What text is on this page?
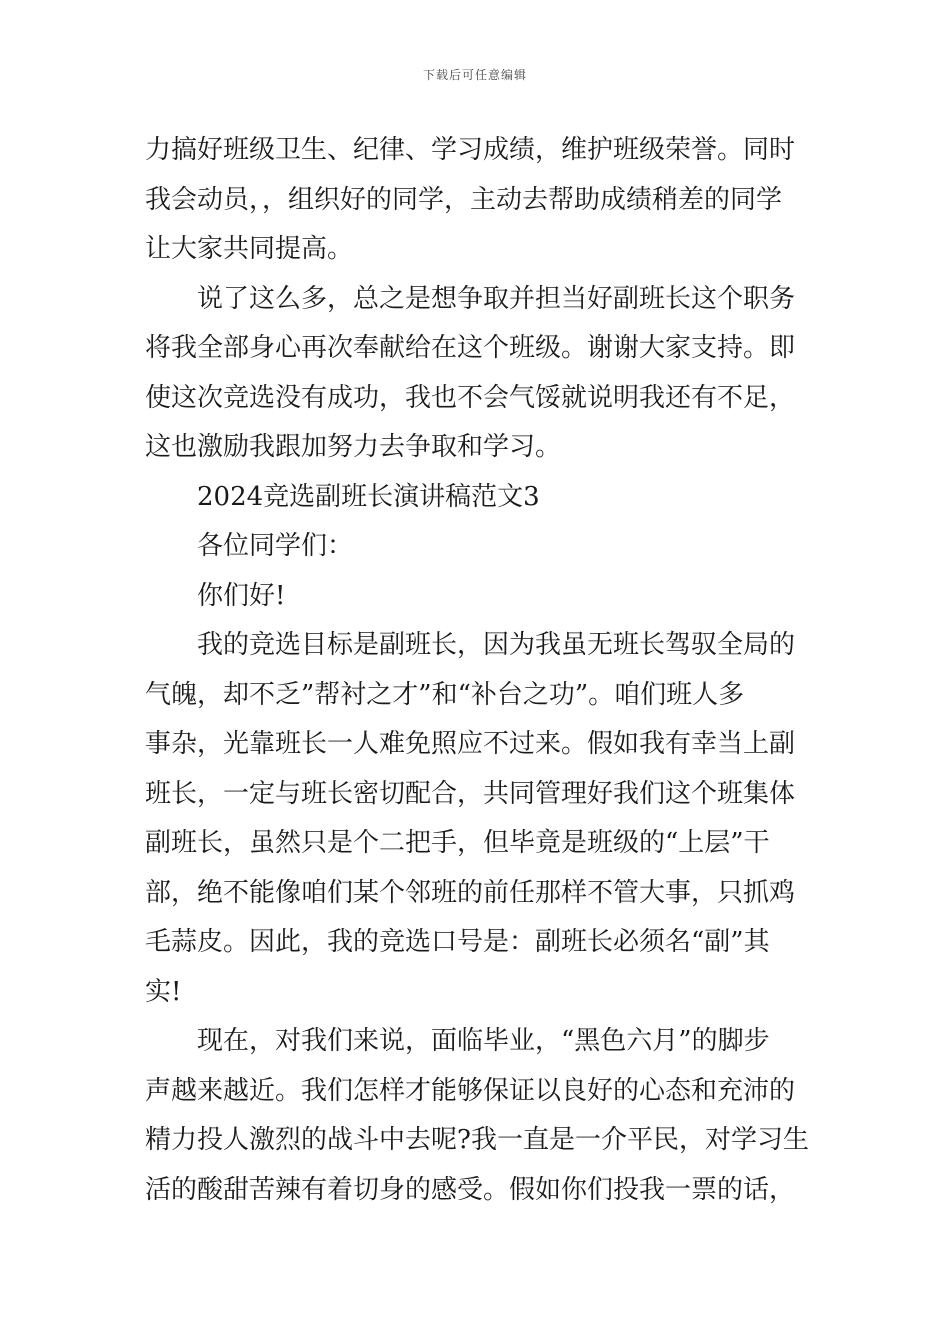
下载后可任意编辑
力搞好班级卫生、纪律、学习成绩，维护班级荣誉。同时
我会动员，，组织好的同学，主动去帮助成绩稍差的同学
让大家共同提高。
说了这么多，总之是想争取并担当好副班长这个职务
将我全部身心再次奉献给在这个班级。谢谢大家支持。即
使这次竞选没有成功，我也不会气馁就说明我还有不足，
这也激励我跟加努力去争取和学习。
2024竞选副班长演讲稿范文3
各位同学们：
你们好!
我的竞选目标是副班长，因为我虽无班长驾驭全局的
气魄，却不乏”帮衬之才”和“补台之功”。咱们班人多
事杂，光靠班长一人难免照应不过来。假如我有幸当上副
班长，一定与班长密切配合，共同管理好我们这个班集体
副班长，虽然只是个二把手，但毕竟是班级的“上层”干
部，绝不能像咱们某个邻班的前任那样不管大事，只抓鸡
毛蒜皮。因此，我的竞选口号是：副班长必须名“副”其
实!
现在，对我们来说，面临毕业，“黑色六月”的脚步
声越来越近。我们怎样才能够保证以良好的心态和充沛的
精力投人激烈的战斗中去呢?我一直是一介平民，对学习生
活的酸甜苦辣有着切身的感受。假如你们投我一票的话，
